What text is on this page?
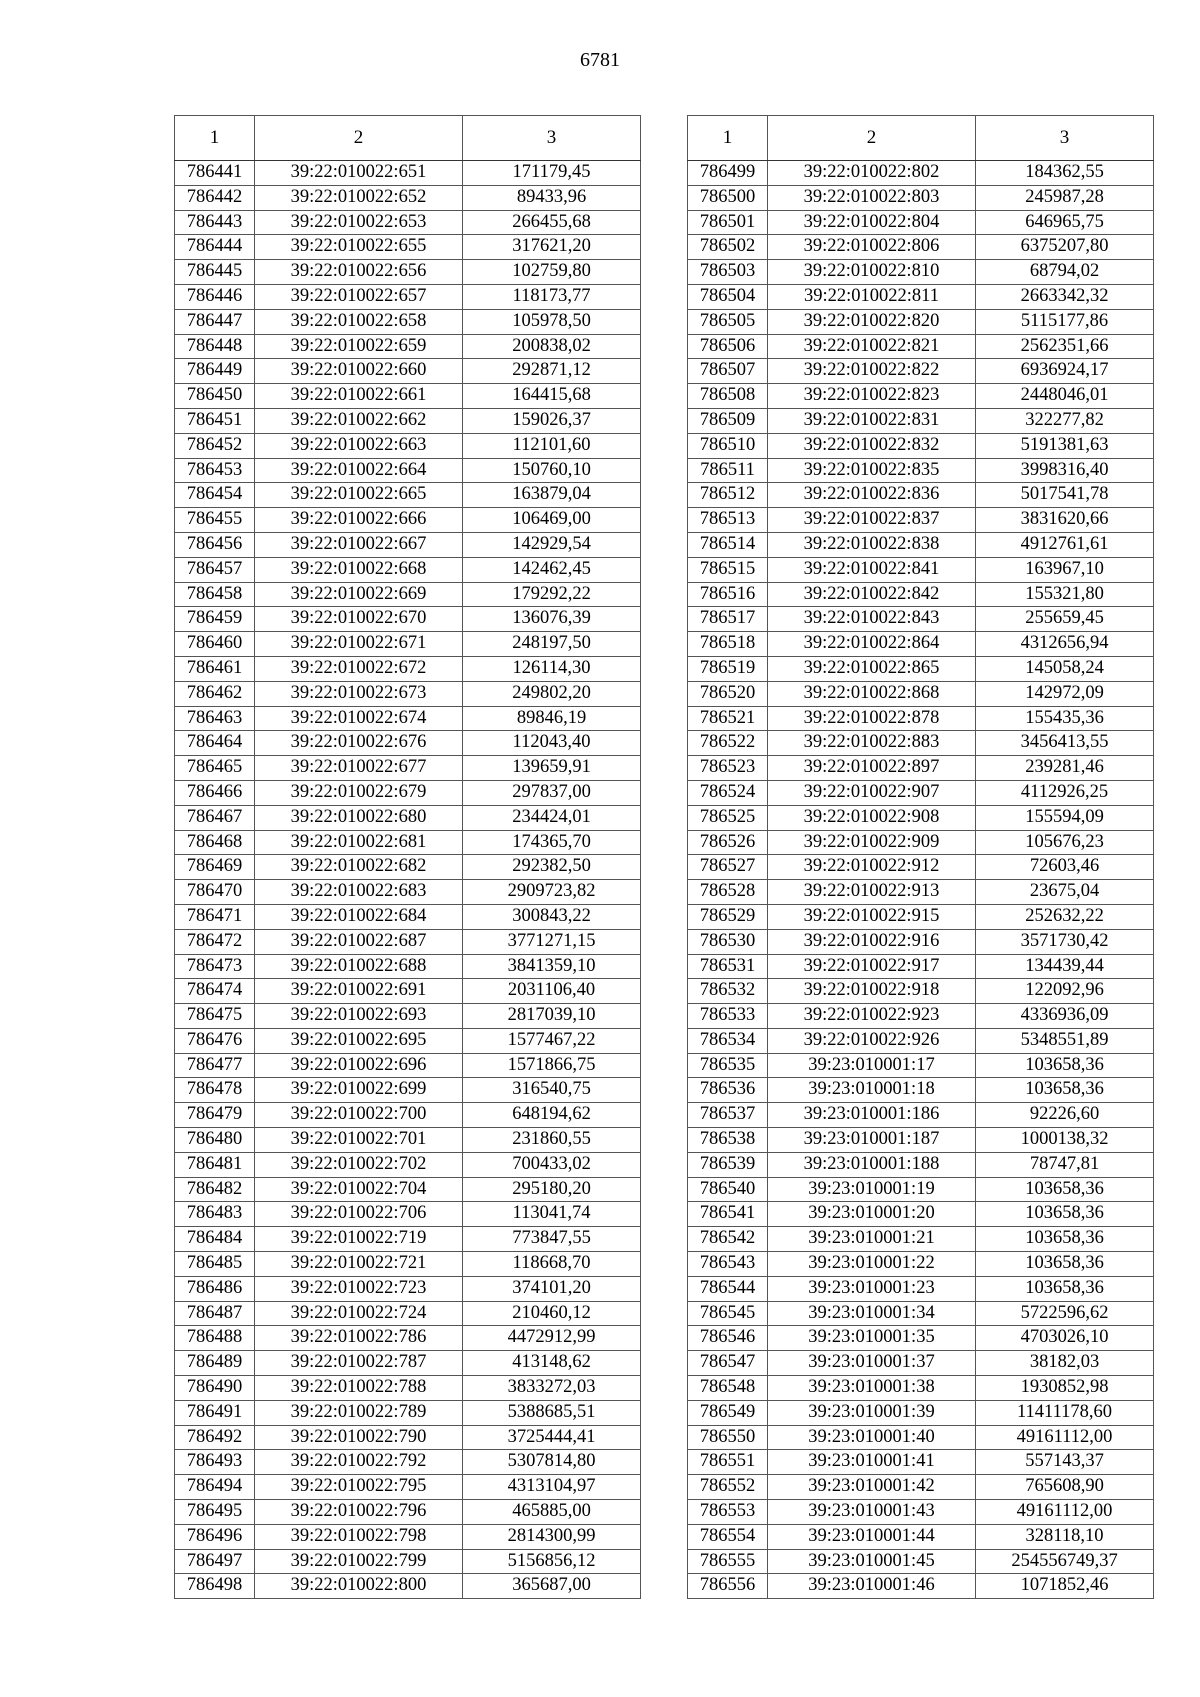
6781
1	2	3
786441	39:22:010022:651	171179,45
786442	39:22:010022:652	89433,96
786443	39:22:010022:653	266455,68
786444	39:22:010022:655	317621,20
786445	39:22:010022:656	102759,80
786446	39:22:010022:657	118173,77
786447	39:22:010022:658	105978,50
786448	39:22:010022:659	200838,02
786449	39:22:010022:660	292871,12
786450	39:22:010022:661	164415,68
786451	39:22:010022:662	159026,37
786452	39:22:010022:663	112101,60
786453	39:22:010022:664	150760,10
786454	39:22:010022:665	163879,04
786455	39:22:010022:666	106469,00
786456	39:22:010022:667	142929,54
786457	39:22:010022:668	142462,45
786458	39:22:010022:669	179292,22
786459	39:22:010022:670	136076,39
786460	39:22:010022:671	248197,50
786461	39:22:010022:672	126114,30
786462	39:22:010022:673	249802,20
786463	39:22:010022:674	89846,19
786464	39:22:010022:676	112043,40
786465	39:22:010022:677	139659,91
786466	39:22:010022:679	297837,00
786467	39:22:010022:680	234424,01
786468	39:22:010022:681	174365,70
786469	39:22:010022:682	292382,50
786470	39:22:010022:683	2909723,82
786471	39:22:010022:684	300843,22
786472	39:22:010022:687	3771271,15
786473	39:22:010022:688	3841359,10
786474	39:22:010022:691	2031106,40
786475	39:22:010022:693	2817039,10
786476	39:22:010022:695	1577467,22
786477	39:22:010022:696	1571866,75
786478	39:22:010022:699	316540,75
786479	39:22:010022:700	648194,62
786480	39:22:010022:701	231860,55
786481	39:22:010022:702	700433,02
786482	39:22:010022:704	295180,20
786483	39:22:010022:706	113041,74
786484	39:22:010022:719	773847,55
786485	39:22:010022:721	118668,70
786486	39:22:010022:723	374101,20
786487	39:22:010022:724	210460,12
786488	39:22:010022:786	4472912,99
786489	39:22:010022:787	413148,62
786490	39:22:010022:788	3833272,03
786491	39:22:010022:789	5388685,51
786492	39:22:010022:790	3725444,41
786493	39:22:010022:792	5307814,80
786494	39:22:010022:795	4313104,97
786495	39:22:010022:796	465885,00
786496	39:22:010022:798	2814300,99
786497	39:22:010022:799	5156856,12
786498	39:22:010022:800	365687,00
1	2	3
786499	39:22:010022:802	184362,55
786500	39:22:010022:803	245987,28
786501	39:22:010022:804	646965,75
786502	39:22:010022:806	6375207,80
786503	39:22:010022:810	68794,02
786504	39:22:010022:811	2663342,32
786505	39:22:010022:820	5115177,86
786506	39:22:010022:821	2562351,66
786507	39:22:010022:822	6936924,17
786508	39:22:010022:823	2448046,01
786509	39:22:010022:831	322277,82
786510	39:22:010022:832	5191381,63
786511	39:22:010022:835	3998316,40
786512	39:22:010022:836	5017541,78
786513	39:22:010022:837	3831620,66
786514	39:22:010022:838	4912761,61
786515	39:22:010022:841	163967,10
786516	39:22:010022:842	155321,80
786517	39:22:010022:843	255659,45
786518	39:22:010022:864	4312656,94
786519	39:22:010022:865	145058,24
786520	39:22:010022:868	142972,09
786521	39:22:010022:878	155435,36
786522	39:22:010022:883	3456413,55
786523	39:22:010022:897	239281,46
786524	39:22:010022:907	4112926,25
786525	39:22:010022:908	155594,09
786526	39:22:010022:909	105676,23
786527	39:22:010022:912	72603,46
786528	39:22:010022:913	23675,04
786529	39:22:010022:915	252632,22
786530	39:22:010022:916	3571730,42
786531	39:22:010022:917	134439,44
786532	39:22:010022:918	122092,96
786533	39:22:010022:923	4336936,09
786534	39:22:010022:926	5348551,89
786535	39:23:010001:17	103658,36
786536	39:23:010001:18	103658,36
786537	39:23:010001:186	92226,60
786538	39:23:010001:187	1000138,32
786539	39:23:010001:188	78747,81
786540	39:23:010001:19	103658,36
786541	39:23:010001:20	103658,36
786542	39:23:010001:21	103658,36
786543	39:23:010001:22	103658,36
786544	39:23:010001:23	103658,36
786545	39:23:010001:34	5722596,62
786546	39:23:010001:35	4703026,10
786547	39:23:010001:37	38182,03
786548	39:23:010001:38	1930852,98
786549	39:23:010001:39	11411178,60
786550	39:23:010001:40	49161112,00
786551	39:23:010001:41	557143,37
786552	39:23:010001:42	765608,90
786553	39:23:010001:43	49161112,00
786554	39:23:010001:44	328118,10
786555	39:23:010001:45	254556749,37
786556	39:23:010001:46	1071852,46
